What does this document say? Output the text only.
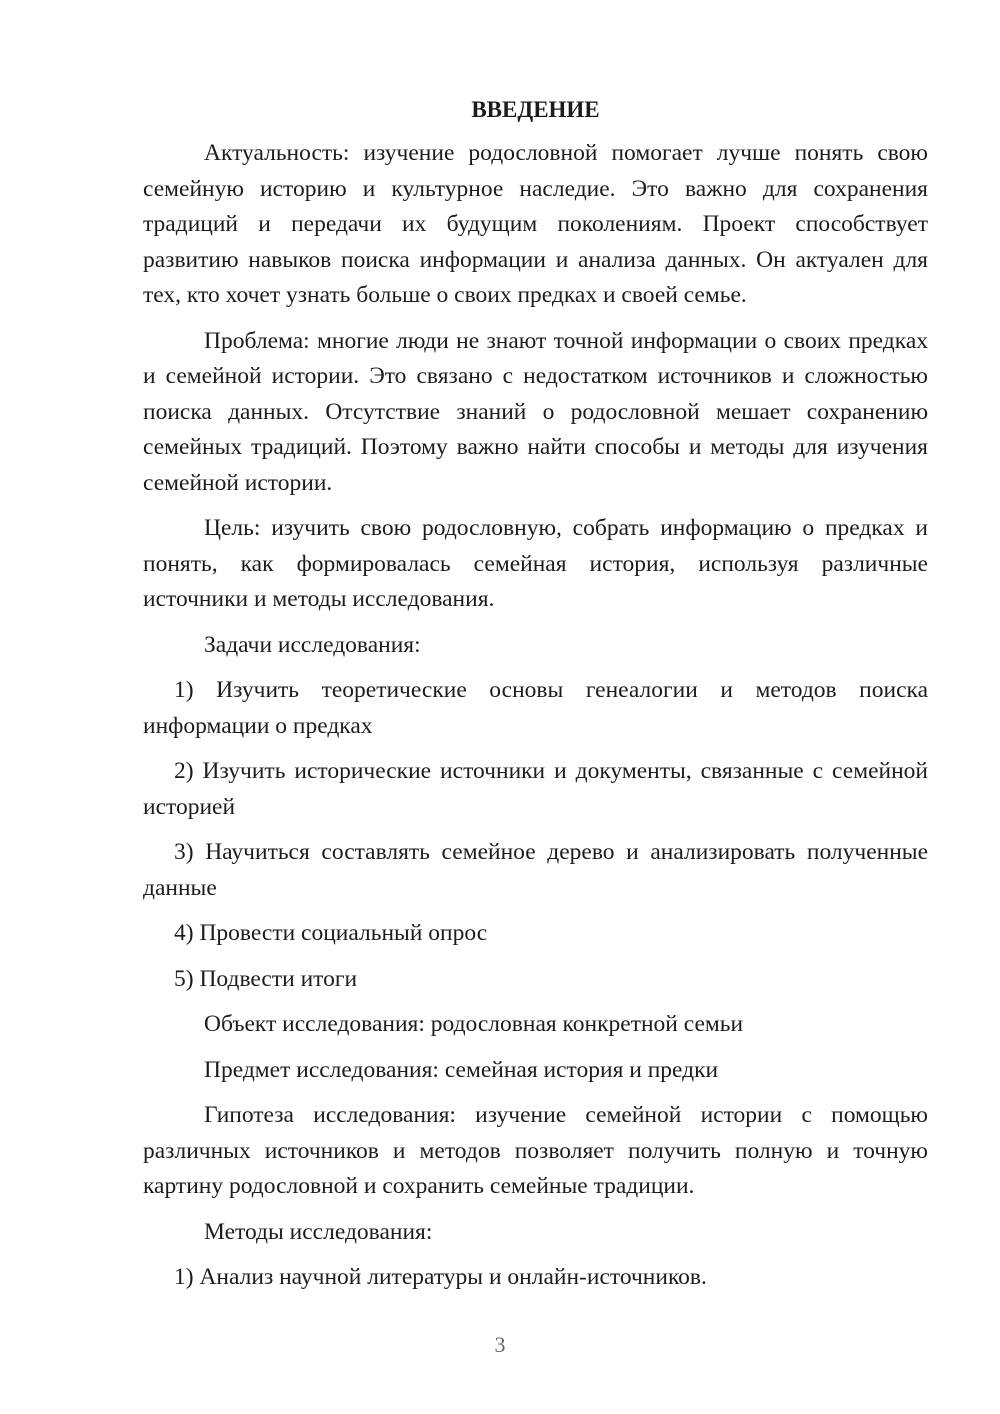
ВВЕДЕНИЕ

Актуальность: изучение родословной помогает лучше понять свою семейную историю и культурное наследие. Это важно для сохранения традиций и передачи их будущим поколениям. Проект способствует развитию навыков поиска информации и анализа данных. Он актуален для тех, кто хочет узнать больше о своих предках и своей семье.

Проблема: многие люди не знают точной информации о своих предках и семейной истории. Это связано с недостатком источников и сложностью поиска данных. Отсутствие знаний о родословной мешает сохранению семейных традиций. Поэтому важно найти способы и методы для изучения семейной истории.

Цель: изучить свою родословную, собрать информацию о предках и понять, как формировалась семейная история, используя различные источники и методы исследования.

Задачи исследования:

1) Изучить теоретические основы генеалогии и методов поиска информации о предках

2) Изучить исторические источники и документы, связанные с семейной историей

3) Научиться составлять семейное дерево и анализировать полученные данные

4) Провести социальный опрос

5) Подвести итоги

Объект исследования: родословная конкретной семьи

Предмет исследования: семейная история и предки

Гипотеза исследования: изучение семейной истории с помощью различных источников и методов позволяет получить полную и точную картину родословной и сохранить семейные традиции.

Методы исследования:

1) Анализ научной литературы и онлайн-источников.

3
